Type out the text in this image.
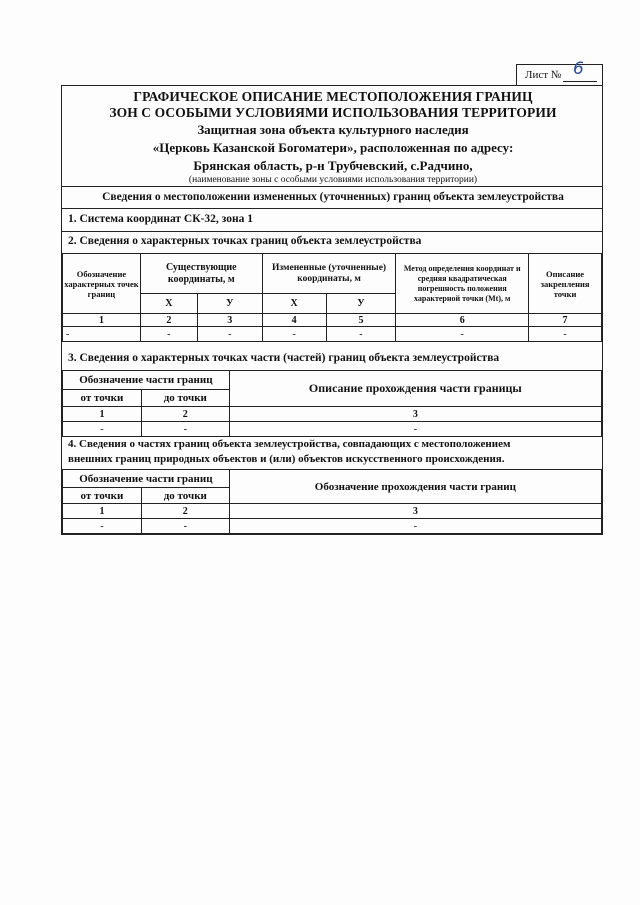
Лист № 6
ГРАФИЧЕСКОЕ ОПИСАНИЕ МЕСТОПОЛОЖЕНИЯ ГРАНИЦ
ЗОН С ОСОБЫМИ УСЛОВИЯМИ ИСПОЛЬЗОВАНИЯ ТЕРРИТОРИИ
Защитная зона объекта культурного наследия
«Церковь Казанской Богоматери», расположенная по адресу:
Брянская область, р-н Трубчевский, с.Радчино,
(наименование зоны с особыми условиями использования территории)
Сведения о местоположении измененных (уточненных) границ объекта землеустройства
1. Система координат СК-32, зона 1
2. Сведения о характерных точках границ объекта землеустройства
Обозначение характерных точек границ	Существующие координаты, м		Измененные (уточненные) координаты, м		Метод определения координат и средняя квадратическая погрешность положения характерной точки (Mt), м	Описание закрепления точки
	Х	У	Х	У		
1	2	3	4	5	6	7
-	-	-	-	-	-	-
3. Сведения о характерных точках части (частей) границ объекта землеустройства
Обозначение части границ		Описание прохождения части границы
от точки	до точки	
1	2	3
-	-	-
4. Сведения о частях границ объекта землеустройства, совпадающих с местоположением
внешних границ природных объектов и (или) объектов искусственного происхождения.
Обозначение части границ		Обозначение прохождения части границ
от точки	до точки	
1	2	3
-	-	-
